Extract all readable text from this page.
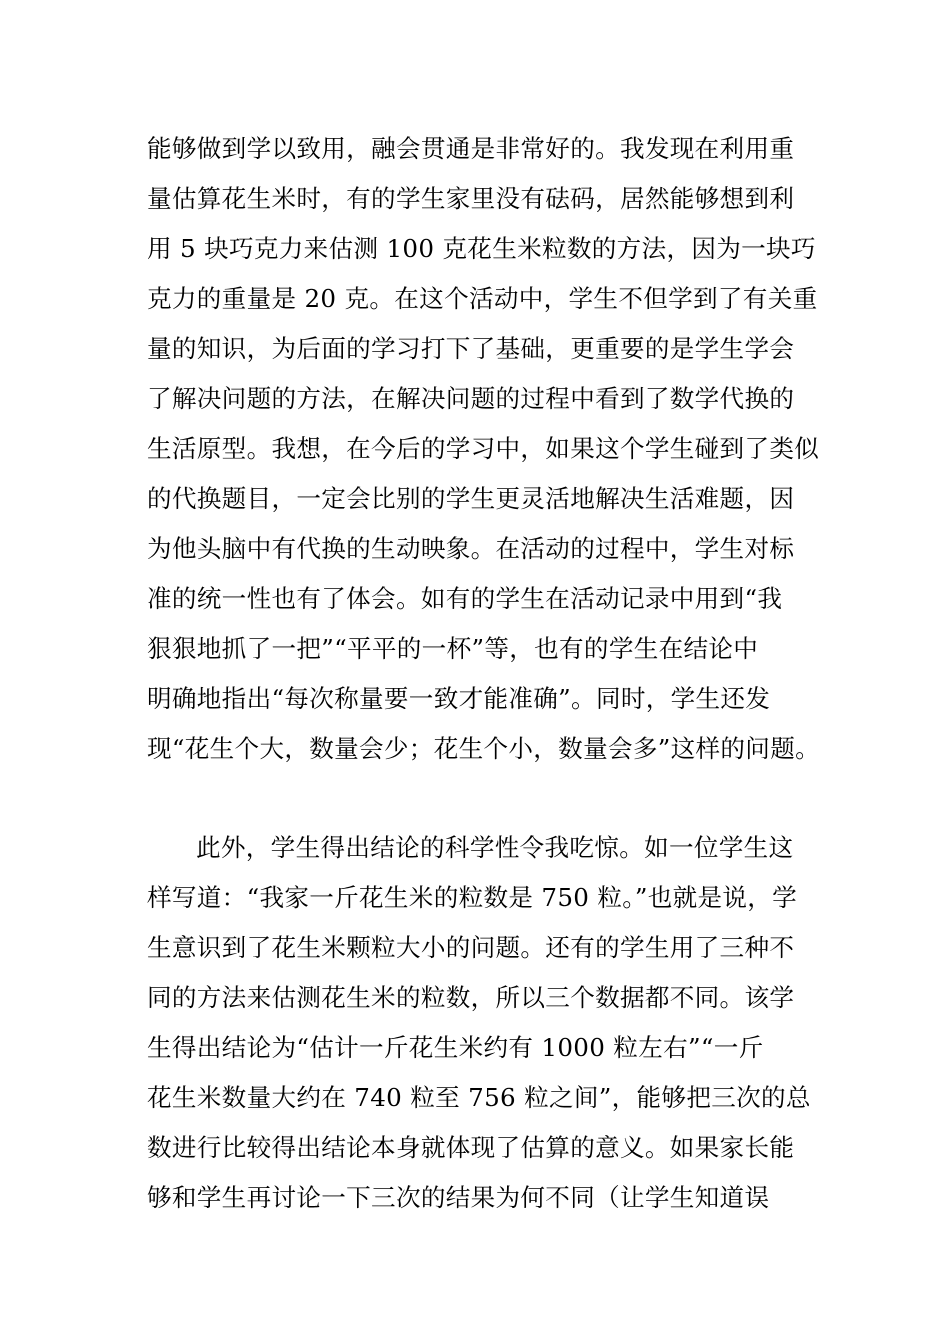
能够做到学以致用，融会贯通是非常好的。我发现在利用重
量估算花生米时，有的学生家里没有砝码，居然能够想到利
用 5 块巧克力来估测 100 克花生米粒数的方法，因为一块巧
克力的重量是 20 克。在这个活动中，学生不但学到了有关重
量的知识，为后面的学习打下了基础，更重要的是学生学会
了解决问题的方法，在解决问题的过程中看到了数学代换的
生活原型。我想，在今后的学习中，如果这个学生碰到了类似
的代换题目，一定会比别的学生更灵活地解决生活难题，因
为他头脑中有代换的生动映象。在活动的过程中，学生对标
准的统一性也有了体会。如有的学生在活动记录中用到“我
狠狠地抓了一把”“平平的一杯”等，也有的学生在结论中
明确地指出“每次称量要一致才能准确”。同时，学生还发
现“花生个大，数量会少；花生个小，数量会多”这样的问题。
此外，学生得出结论的科学性令我吃惊。如一位学生这
样写道：“我家一斤花生米的粒数是 750 粒。”也就是说，学
生意识到了花生米颗粒大小的问题。还有的学生用了三种不
同的方法来估测花生米的粒数，所以三个数据都不同。该学
生得出结论为“估计一斤花生米约有 1000 粒左右”“一斤
花生米数量大约在 740 粒至 756 粒之间”，能够把三次的总
数进行比较得出结论本身就体现了估算的意义。如果家长能
够和学生再讨论一下三次的结果为何不同（让学生知道误
